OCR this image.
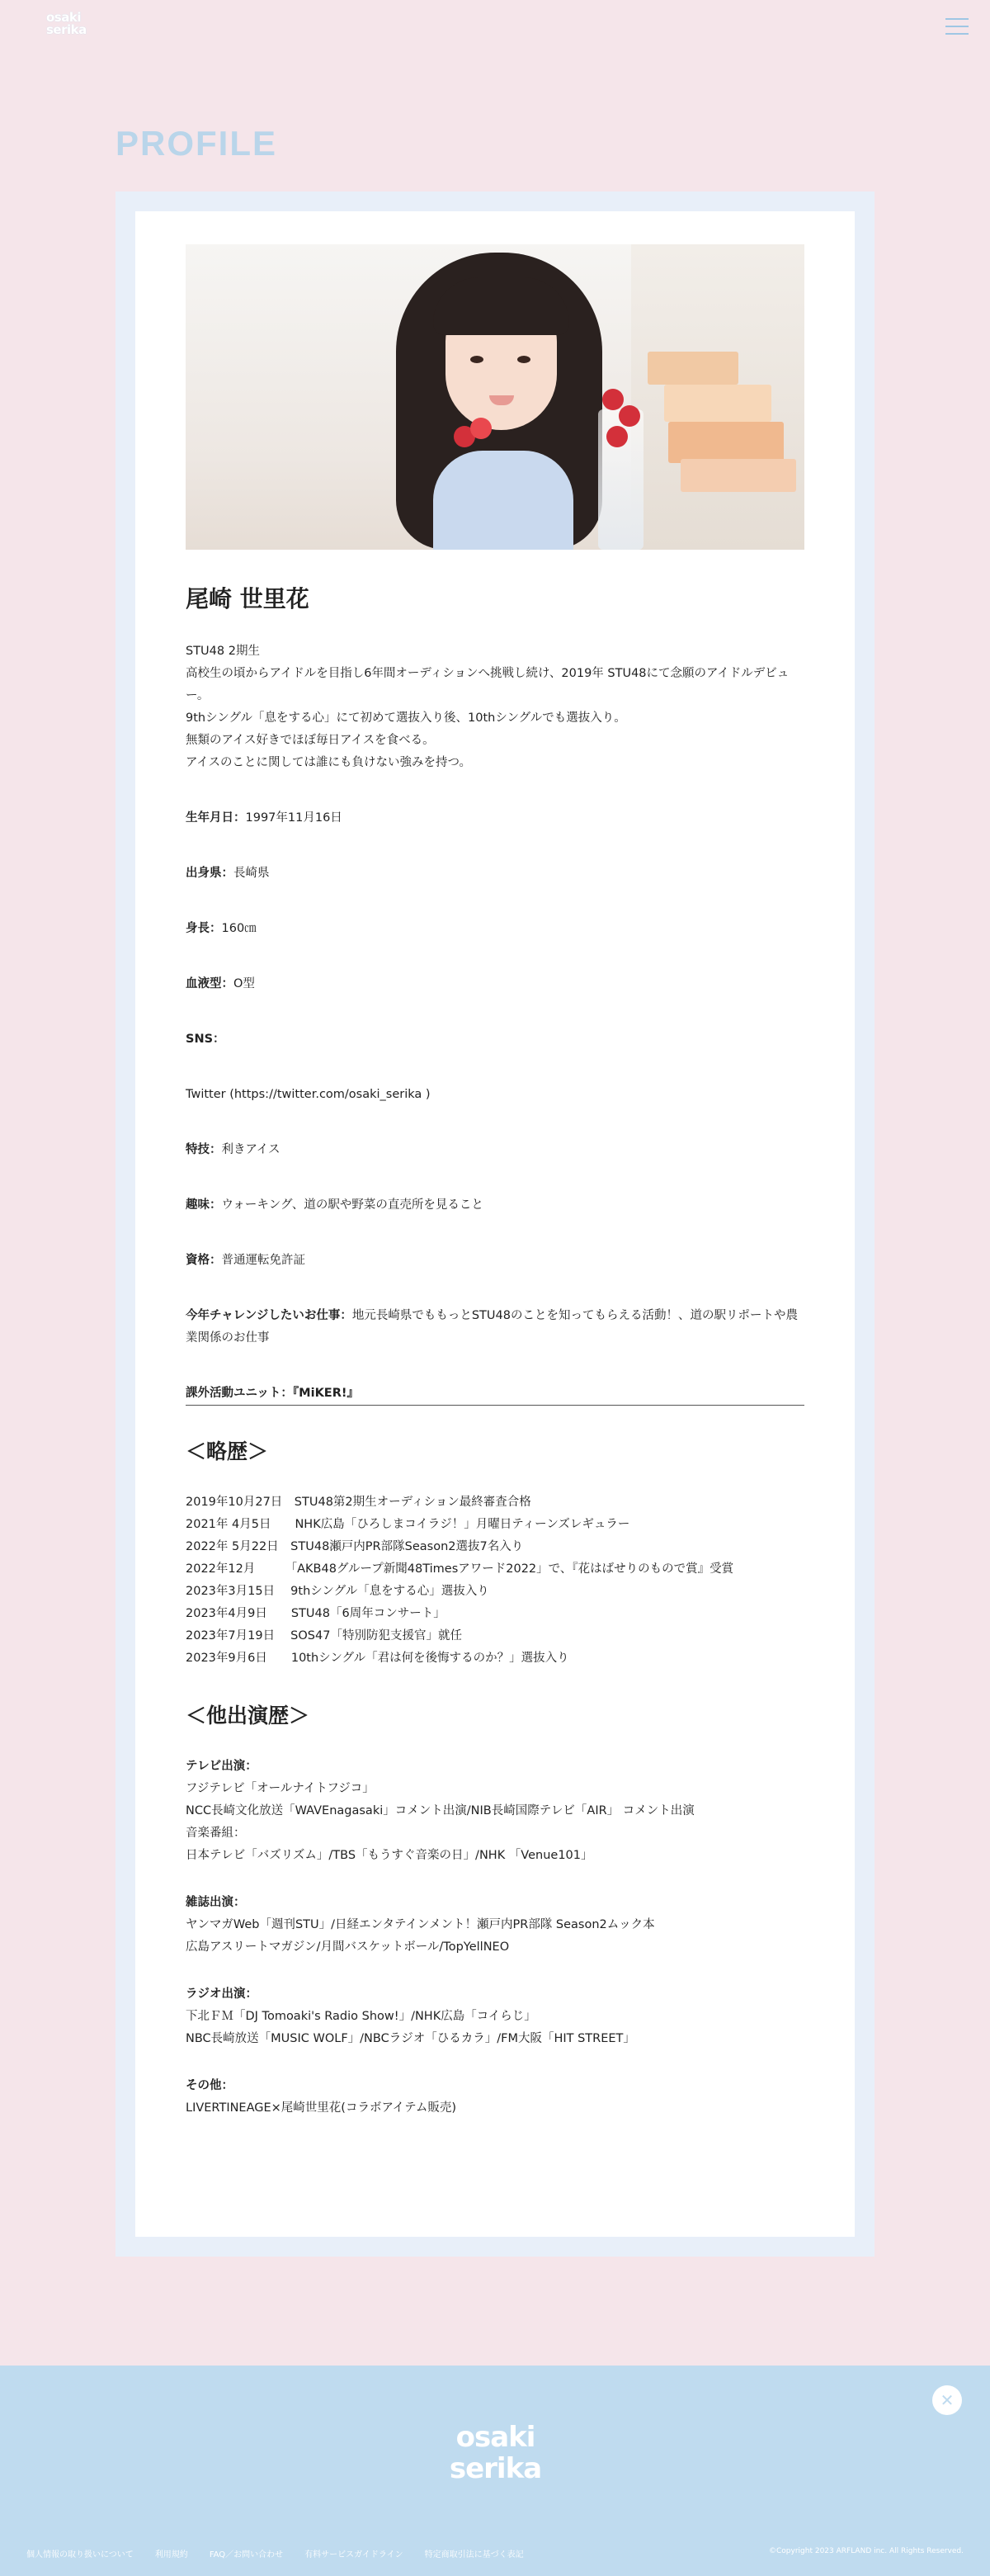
osaki
serika
PROFILE
尾崎 世里花

STU48 2期生

高校生の頃からアイドルを目指し6年間オーディションへ挑戦し続け、2019年 STU48にて念願のアイドルデビュー。

9thシングル「息をする心」にて初めて選抜入り後、10thシングルでも選抜入り。

無類のアイス好きでほぼ毎日アイスを食べる。

アイスのことに関しては誰にも負けない強みを持つ。

生年月日：1997年11月16日
出身県：長崎県
身長：160㎝
血液型：O型
SNS：
Twitter (https://twitter.com/osaki_serika )
特技：利きアイス
趣味：ウォーキング、道の駅や野菜の直売所を見ること
資格：普通運転免許証
今年チャレンジしたいお仕事：地元長崎県でももっとSTU48のことを知ってもらえる活動！、道の駅リポートや農業関係のお仕事
課外活動ユニット：『MiKER!』
＜略歴＞

2019年10月27日　STU48第2期生オーディション最終審査合格

2021年 4月5日　　NHK広島「ひろしまコイラジ！」月曜日ティーンズレギュラー

2022年 5月22日　STU48瀬戸内PR部隊Season2選抜7名入り

2022年12月　　　「AKB48グループ新聞48Timesアワード2022」で、『花はばせりのもので賞』受賞

2023年3月15日　 9thシングル「息をする心」選抜入り

2023年4月9日　　STU48「6周年コンサート」

2023年7月19日　 SOS47「特別防犯支援官」就任

2023年9月6日　　10thシングル「君は何を後悔するのか？」選抜入り

＜他出演歴＞

テレビ出演：

フジテレビ「オールナイトフジコ」

NCC長崎文化放送「WAVEnagasaki」コメント出演/NIB長崎国際テレビ「AIR」 コメント出演

音楽番組：

日本テレビ「バズリズム」/TBS「もうすぐ音楽の日」/NHK 「Venue101」

雑誌出演：

ヤンマガWeb「週刊STU」/日経エンタテインメント！瀬戸内PR部隊 Season2ムック本

広島アスリートマガジン/月間バスケットボール/TopYellNEO

ラジオ出演：

下北ＦＭ「DJ Tomoaki's Radio Show!」/NHK広島「コイらじ」

NBC長崎放送「MUSIC WOLF」/NBCラジオ「ひるカラ」/FM大阪「HIT STREET」

その他：

LIVERTINEAGE×尾崎世里花(コラボアイテム販売)

✕
osaki
serika
個人情報の取り扱いについて	利用規約	FAQ／お問い合わせ	有料サービスガイドライン	特定商取引法に基づく表記	©Copyright 2023 ARFLAND inc. All Rights Reserved.
